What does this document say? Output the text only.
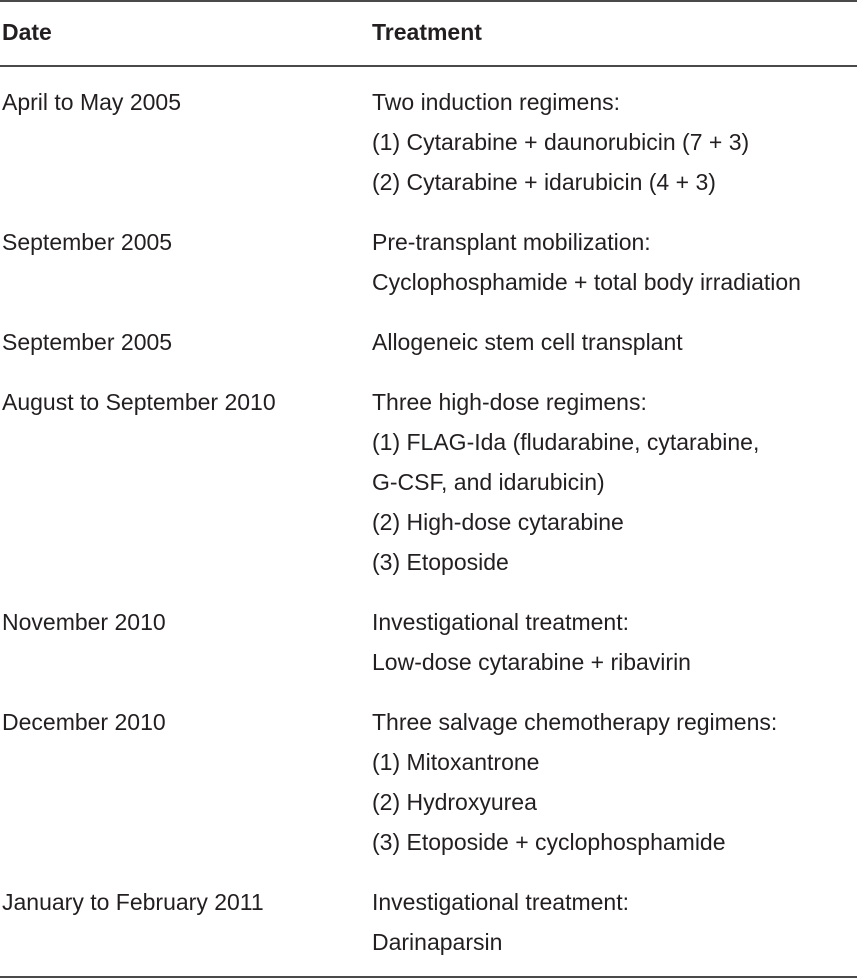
Date	Treatment
April to May 2005	Two induction regimens:
(1) Cytarabine + daunorubicin (7 + 3)
(2) Cytarabine + idarubicin (4 + 3)
September 2005	Pre-transplant mobilization:
Cyclophosphamide + total body irradiation
September 2005	Allogeneic stem cell transplant
August to September 2010	Three high-dose regimens:
(1) FLAG-Ida (fludarabine, cytarabine,
G-CSF, and idarubicin)
(2) High-dose cytarabine
(3) Etoposide
November 2010	Investigational treatment:
Low-dose cytarabine + ribavirin
December 2010	Three salvage chemotherapy regimens:
(1) Mitoxantrone
(2) Hydroxyurea
(3) Etoposide + cyclophosphamide
January to February 2011	Investigational treatment:
Darinaparsin
